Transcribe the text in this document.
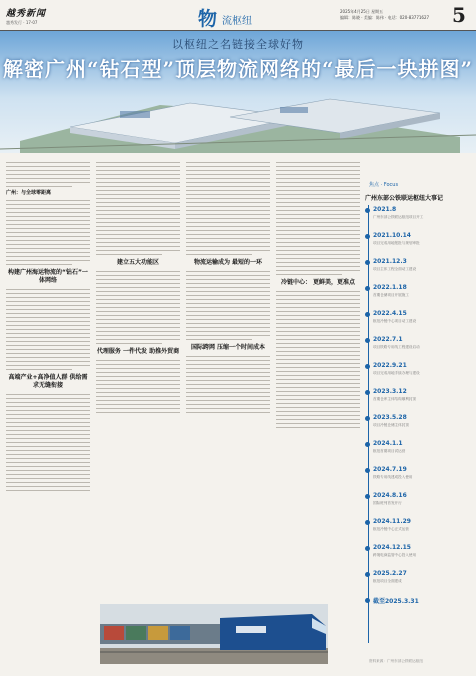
越秀新闻
越秀发行 · 17-07	物 流枢纽
2025年4月25日 星期五
编辑：陈晓 · 美编：陈伟 · 电话：020-83771627 5
以枢纽之名链接全球好物
解密广州“钻石型”顶层物流网络的“最后一块拼图”
广州：与全球零距离
构建广州海运物流的“钻石”一体网络
高端产业+高净值人群 供给需求无缝衔接
建立五大功能区
代理服务 一件代发 助推外贸商
物流运输成为 最短的一环
国际跨网 压缩一个时间成本
冷链中心： 更鲜美，更准点
焦点 · Focus
广州东部公铁联运枢纽大事记
2021.8
广州东部公铁联运枢纽项目开工
2021.10.14
项目完成用地报批与规划审批
2021.12.3
项目主体工程全面动工建设
2022.1.18
首期仓储项目开展施工
2022.4.15
枢纽冷链中心项目动工建设
2022.7.1
项目铁路专用线工程建设启动
2022.9.21
项目完成用地手续办理与建设
2023.3.12
首期仓库主体结构顺利封顶
2023.5.28
项目冷链仓储主体封顶
2024.1.1
枢纽首期项目试运营
2024.7.19
铁路专用线建成投入使用
2024.8.16
国际班列首发开行
2024.11.29
枢纽冷链中心正式运营
2024.12.15
跨境电商监管中心投入使用
2025.2.27
枢纽项目全面建成
截至2025.3.31
资料来源：广州东部公铁联运枢纽
